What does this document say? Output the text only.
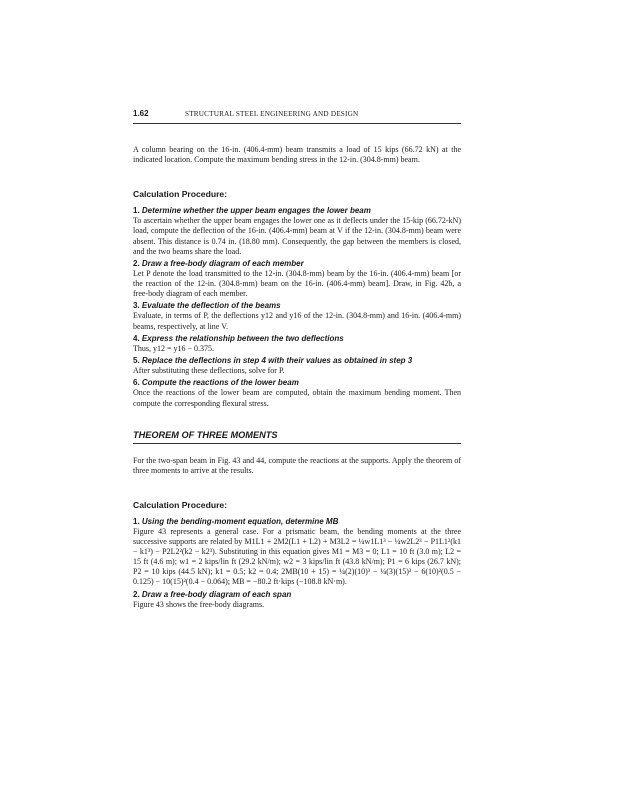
1.62	STRUCTURAL STEEL ENGINEERING AND DESIGN

A column bearing on the 16-in. (406.4-mm) beam transmits a load of 15 kips (66.72 kN) at the indicated location. Compute the maximum bending stress in the 12-in. (304.8-mm) beam.

Calculation Procedure:
1. Determine whether the upper beam engages the lower beam

To ascertain whether the upper beam engages the lower one as it deflects under the 15-kip (66.72-kN) load, compute the deflection of the 16-in. (406.4-mm) beam at V if the 12-in. (304.8-mm) beam were absent. This distance is 0.74 in. (18.80 mm). Consequently, the gap between the members is closed, and the two beams share the load.

2. Draw a free-body diagram of each member

Let P denote the load transmitted to the 12-in. (304.8-mm) beam by the 16-in. (406.4-mm) beam [or the reaction of the 12-in. (304.8-mm) beam on the 16-in. (406.4-mm) beam]. Draw, in Fig. 42b, a free-body diagram of each member.

3. Evaluate the deflection of the beams

Evaluate, in terms of P, the deflections y12 and y16 of the 12-in. (304.8-mm) and 16-in. (406.4-mm) beams, respectively, at line V.

4. Express the relationship between the two deflections

Thus, y12 = y16 − 0.375.

5. Replace the deflections in step 4 with their values as obtained in step 3

After substituting these deflections, solve for P.

6. Compute the reactions of the lower beam

Once the reactions of the lower beam are computed, obtain the maximum bending moment. Then compute the corresponding flexural stress.

THEOREM OF THREE MOMENTS

For the two-span beam in Fig. 43 and 44, compute the reactions at the supports. Apply the theorem of three moments to arrive at the results.

Calculation Procedure:
1. Using the bending-moment equation, determine MB

Figure 43 represents a general case. For a prismatic beam, the bending moments at the three successive supports are related by M1L1 + 2M2(L1 + L2) + M3L2 = ¼w1L1³ − ¼w2L2³ − P1L1²(k1 − k1³) − P2L2²(k2 − k2³). Substituting in this equation gives M1 = M3 = 0; L1 = 10 ft (3.0 m); L2 = 15 ft (4.6 m); w1 = 2 kips/lin ft (29.2 kN/m); w2 = 3 kips/lin ft (43.8 kN/m); P1 = 6 kips (26.7 kN); P2 = 10 kips (44.5 kN); k1 = 0.5; k2 = 0.4; 2MB(10 + 15) = ¼(2)(10)³ − ¼(3)(15)³ − 6(10)²(0.5 − 0.125) − 10(15)²(0.4 − 0.064); MB = −80.2 ft·kips (−108.8 kN·m).

2. Draw a free-body diagram of each span

Figure 43 shows the free-body diagrams.
